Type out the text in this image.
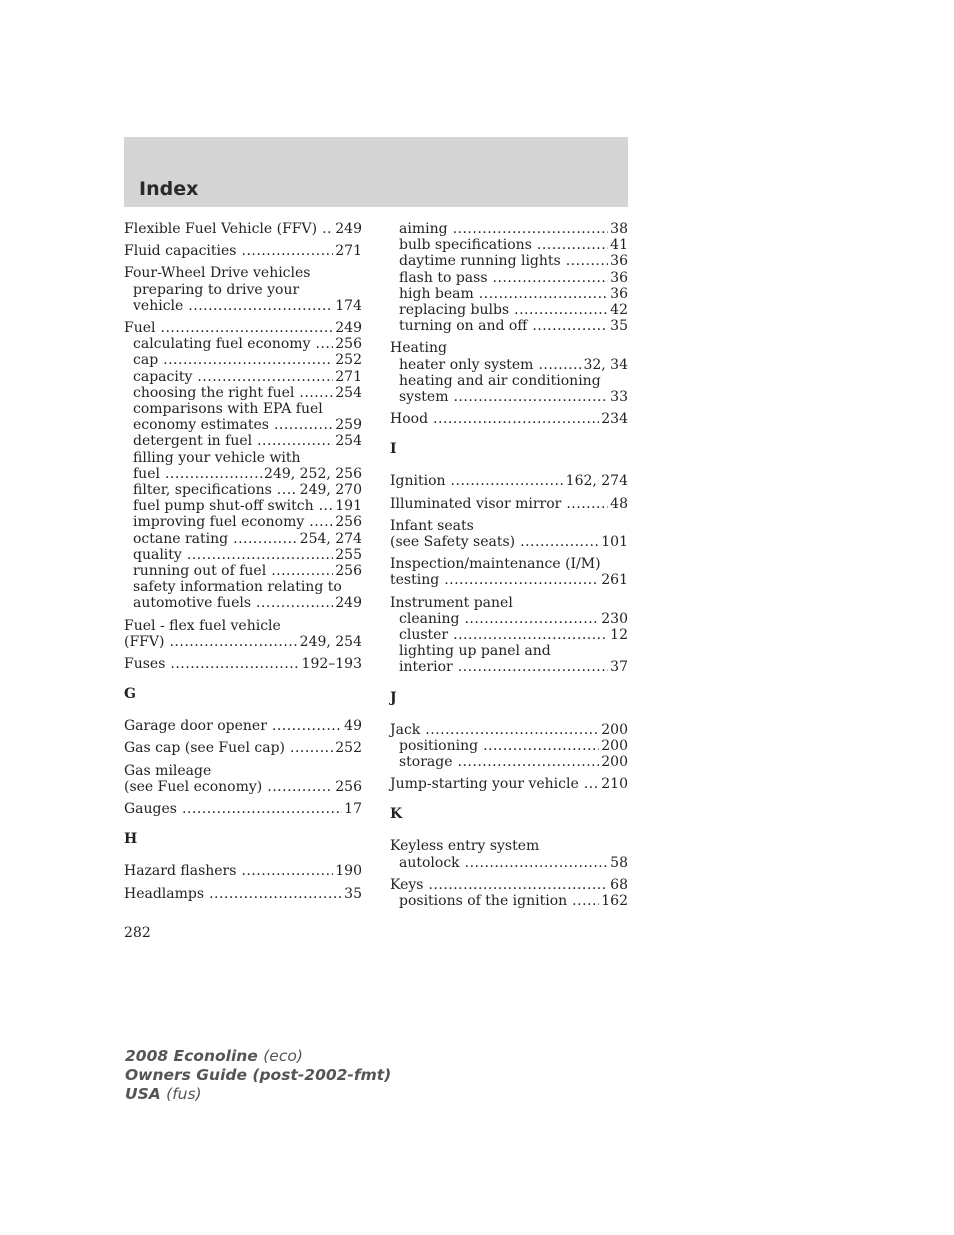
Index
Flexible Fuel Vehicle (FFV) ..... 249
Fluid capacities .....	271
Four-Wheel Drive vehicles
preparing to drive your
vehicle .....	174
Fuel .....	249
calculating fuel economy ..... 256
cap .....	252
capacity .....	271
choosing the right fuel .....	254
comparisons with EPA fuel
economy estimates .....	259
detergent in fuel .....	254
filling your vehicle with
fuel .....	249, 252, 256
filter, specifications ..... 249, 270
fuel pump shut-off switch ..... 191
improving fuel economy ..... 256
octane rating .....	254, 274
quality .....	255
running out of fuel .....	256
safety information relating to
automotive fuels .....	249
Fuel - flex fuel vehicle
(FFV) .....	249, 254
Fuses .....	192–193
G
Garage door opener .....	49
Gas cap (see Fuel cap) .....	252
Gas mileage
(see Fuel economy) .....	256
Gauges .....	17
H
Hazard flashers .....	190
Headlamps .....	35
aiming .....	38
bulb specifications .....	41
daytime running lights .....	36
flash to pass .....	36
high beam .....	36
replacing bulbs .....	42
turning on and off .....	35
Heating
heater only system .....	32, 34
heating and air conditioning
system .....	33
Hood .....	234
I
Ignition .....	162, 274
Illuminated visor mirror .....	48
Infant seats
(see Safety seats) .....	101
Inspection/maintenance (I/M)
testing .....	261
Instrument panel
cleaning .....	230
cluster .....	12
lighting up panel and
interior .....	37
J
Jack .....	200
positioning .....	200
storage .....	200
Jump-starting your vehicle ..... 210
K
Keyless entry system
autolock .....	58
Keys .....	68
positions of the ignition ..... 162
282
2008 Econoline (eco)
Owners Guide (post-2002-fmt)
USA (fus)
